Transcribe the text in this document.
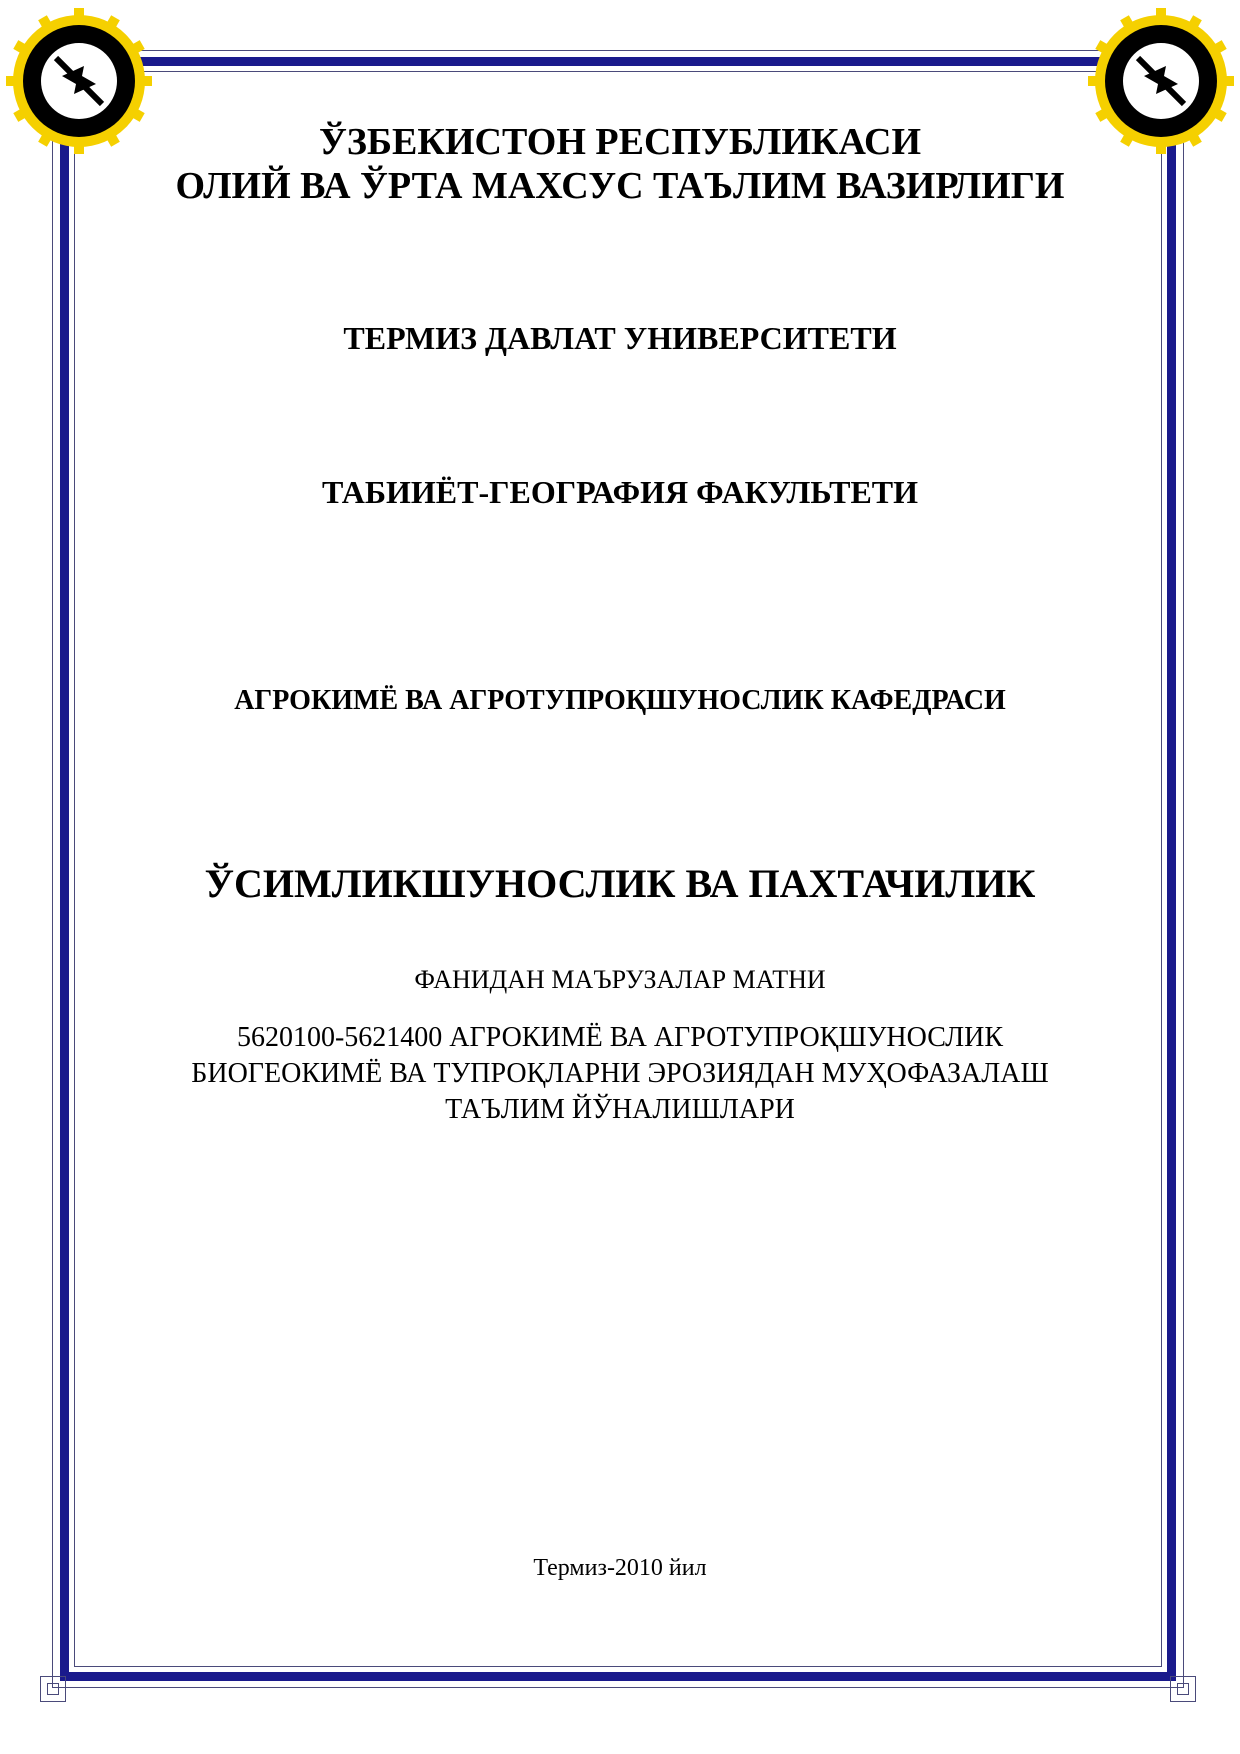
ЎЗБЕКИСТОН РЕСПУБЛИКАСИ
ОЛИЙ ВА ЎРТА МАХСУС ТАЪЛИМ ВАЗИРЛИГИ
ТЕРМИЗ ДАВЛАТ УНИВЕРСИТЕТИ
ТАБИИЁТ-ГЕОГРАФИЯ ФАКУЛЬТЕТИ
АГРОКИМЁ ВА АГРОТУПРОҚШУНОСЛИК КАФЕДРАСИ
ЎСИМЛИКШУНОСЛИК ВА ПАХТАЧИЛИК
ФАНИДАН МАЪРУЗАЛАР МАТНИ
5620100-5621400 АГРОКИМЁ ВА АГРОТУПРОҚШУНОСЛИК
БИОГЕОКИМЁ ВА ТУПРОҚЛАРНИ ЭРОЗИЯДАН МУҲОФАЗАЛАШ
ТАЪЛИМ ЙЎНАЛИШЛАРИ
Термиз-2010 йил
